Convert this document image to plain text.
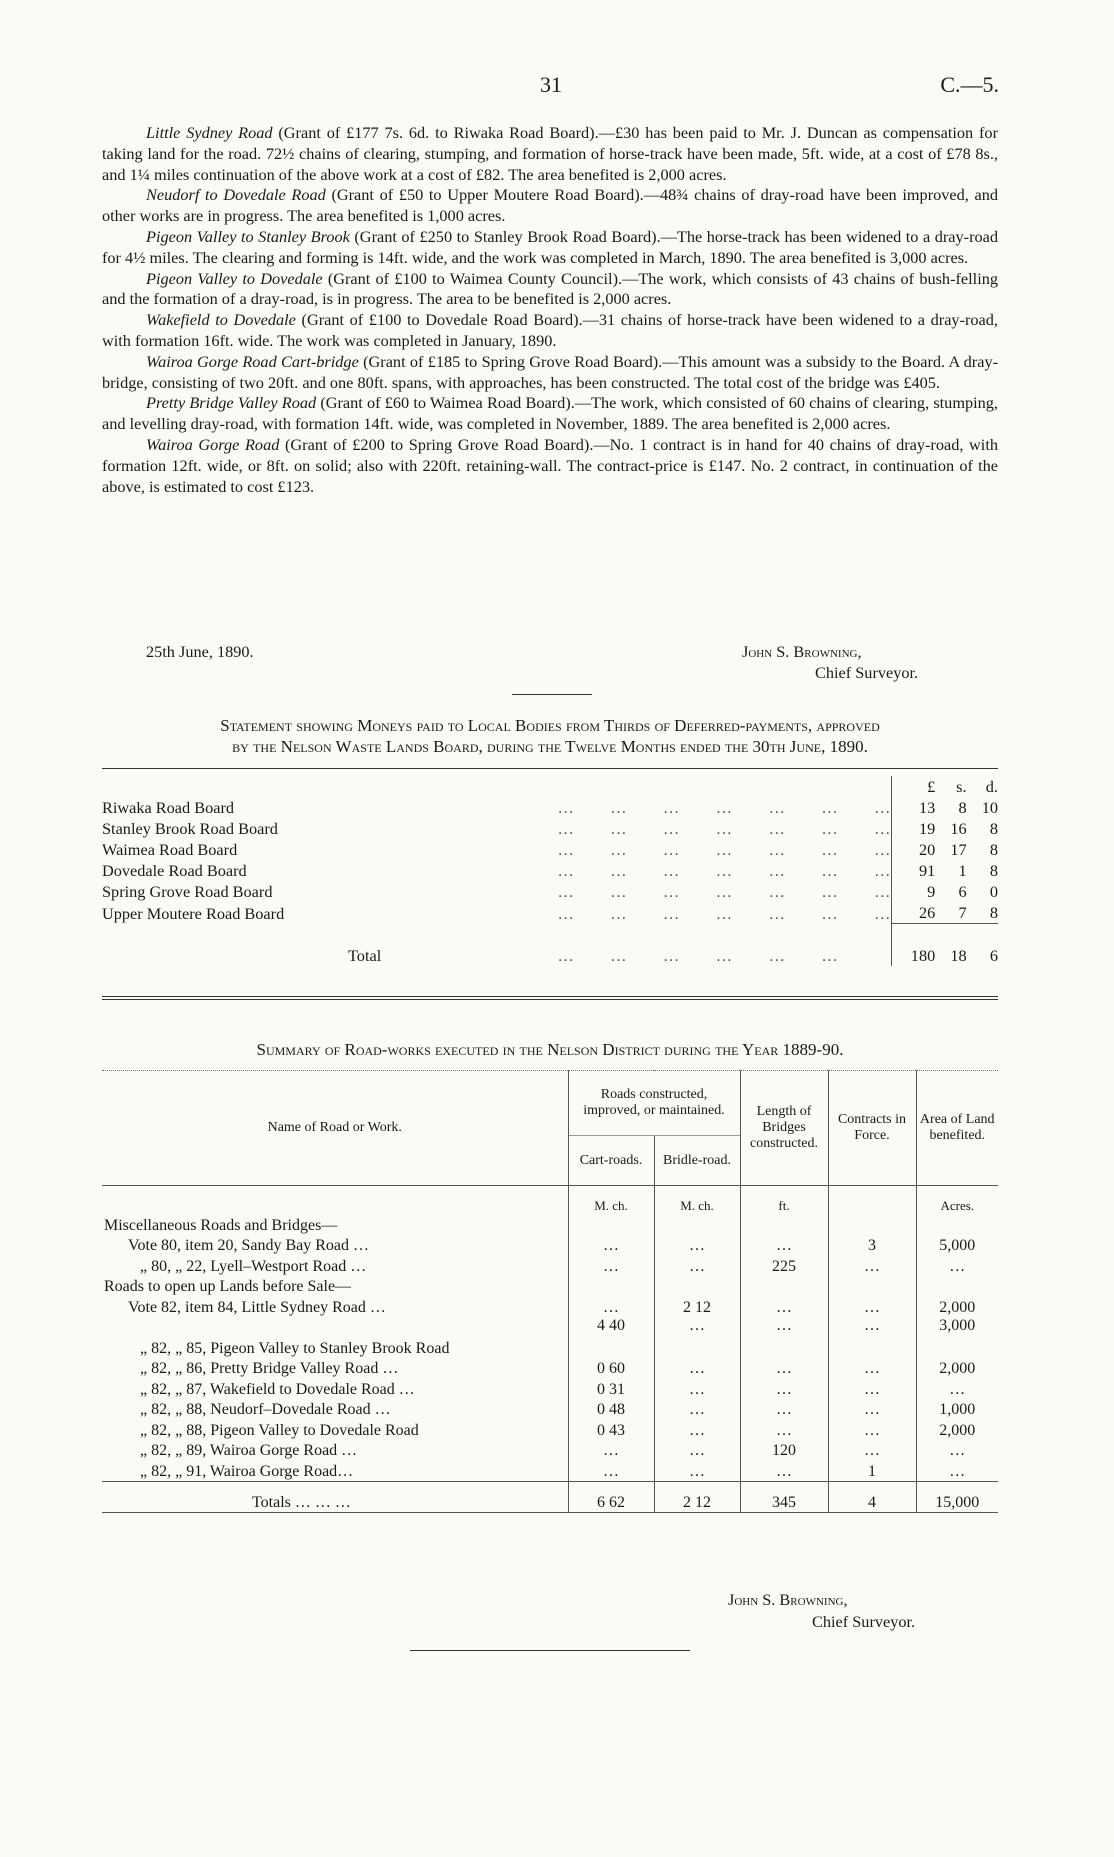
31	C.—5.

Little Sydney Road (Grant of £177 7s. 6d. to Riwaka Road Board).—£30 has been paid to Mr. J. Duncan as compensation for taking land for the road. 72½ chains of clearing, stumping, and formation of horse-track have been made, 5ft. wide, at a cost of £78 8s., and 1¼ miles continuation of the above work at a cost of £82. The area benefited is 2,000 acres.

Neudorf to Dovedale Road (Grant of £50 to Upper Moutere Road Board).—48¾ chains of dray-road have been improved, and other works are in progress. The area benefited is 1,000 acres.

Pigeon Valley to Stanley Brook (Grant of £250 to Stanley Brook Road Board).—The horse-track has been widened to a dray-road for 4½ miles. The clearing and forming is 14ft. wide, and the work was completed in March, 1890. The area benefited is 3,000 acres.

Pigeon Valley to Dovedale (Grant of £100 to Waimea County Council).—The work, which consists of 43 chains of bush-felling and the formation of a dray-road, is in progress. The area to be benefited is 2,000 acres.

Wakefield to Dovedale (Grant of £100 to Dovedale Road Board).—31 chains of horse-track have been widened to a dray-road, with formation 16ft. wide. The work was completed in January, 1890.

Wairoa Gorge Road Cart-bridge (Grant of £185 to Spring Grove Road Board).—This amount was a subsidy to the Board. A dray-bridge, consisting of two 20ft. and one 80ft. spans, with approaches, has been constructed. The total cost of the bridge was £405.

Pretty Bridge Valley Road (Grant of £60 to Waimea Road Board).—The work, which consisted of 60 chains of clearing, stumping, and levelling dray-road, with formation 14ft. wide, was completed in November, 1889. The area benefited is 2,000 acres.

Wairoa Gorge Road (Grant of £200 to Spring Grove Road Board).—No. 1 contract is in hand for 40 chains of dray-road, with formation 12ft. wide, or 8ft. on solid; also with 220ft. retaining-wall. The contract-price is £147. No. 2 contract, in continuation of the above, is estimated to cost £123.

25th June, 1890.	John S. Browning,
Chief Surveyor.
Statement showing Moneys paid to Local Bodies from Thirds of Deferred-payments, approved
by the Nelson Waste Lands Board, during the Twelve Months ended the 30th June, 1890.
		£	s.	d.
Riwaka Road Board	…       …       …       …       …       …       …	13	8	10
Stanley Brook Road Board	…       …       …       …       …       …       …	19	16	8
Waimea Road Board	…       …       …       …       …       …       …	20	17	8
Dovedale Road Board	…       …       …       …       …       …       …	91	1	8
Spring Grove Road Board	…       …       …       …       …       …       …	9	6	0
Upper Moutere Road Board	…       …       …       …       …       …       …	26	7	8
Total	…       …       …       …       …       …	180	18	6
Summary of Road-works executed in the Nelson District during the Year 1889-90.
Name of Road or Work.	Roads constructed, improved, or maintained.		Length of Bridges constructed.	Contracts in Force.	Area of Land benefited.
	Cart-roads.	Bridle-road.			
	M. ch.	M. ch.	ft.		Acres.
Miscellaneous Roads and Bridges—					
Vote 80, item 20, Sandy Bay Road …	…	…	…	3	5,000
„ 80, „ 22, Lyell–Westport Road …	…	…	225	…	…
Roads to open up Lands before Sale—					
Vote 82, item 84, Little Sydney Road …	…	2 12	…	…	2,000
„ 82, „ 85, Pigeon Valley to Stanley Brook Road	4 40	…	…	…	3,000
„ 82, „ 86, Pretty Bridge Valley Road …	0 60	…	…	…	2,000
„ 82, „ 87, Wakefield to Dovedale Road …	0 31	…	…	…	…
„ 82, „ 88, Neudorf–Dovedale Road …	0 48	…	…	…	1,000
„ 82, „ 88, Pigeon Valley to Dovedale Road	0 43	…	…	…	2,000
„ 82, „ 89, Wairoa Gorge Road …	…	…	120	…	…
„ 82, „ 91, Wairoa Gorge Road…	…	…	…	1	…
Totals … … …	6 62	2 12	345	4	15,000
John S. Browning,
Chief Surveyor.
